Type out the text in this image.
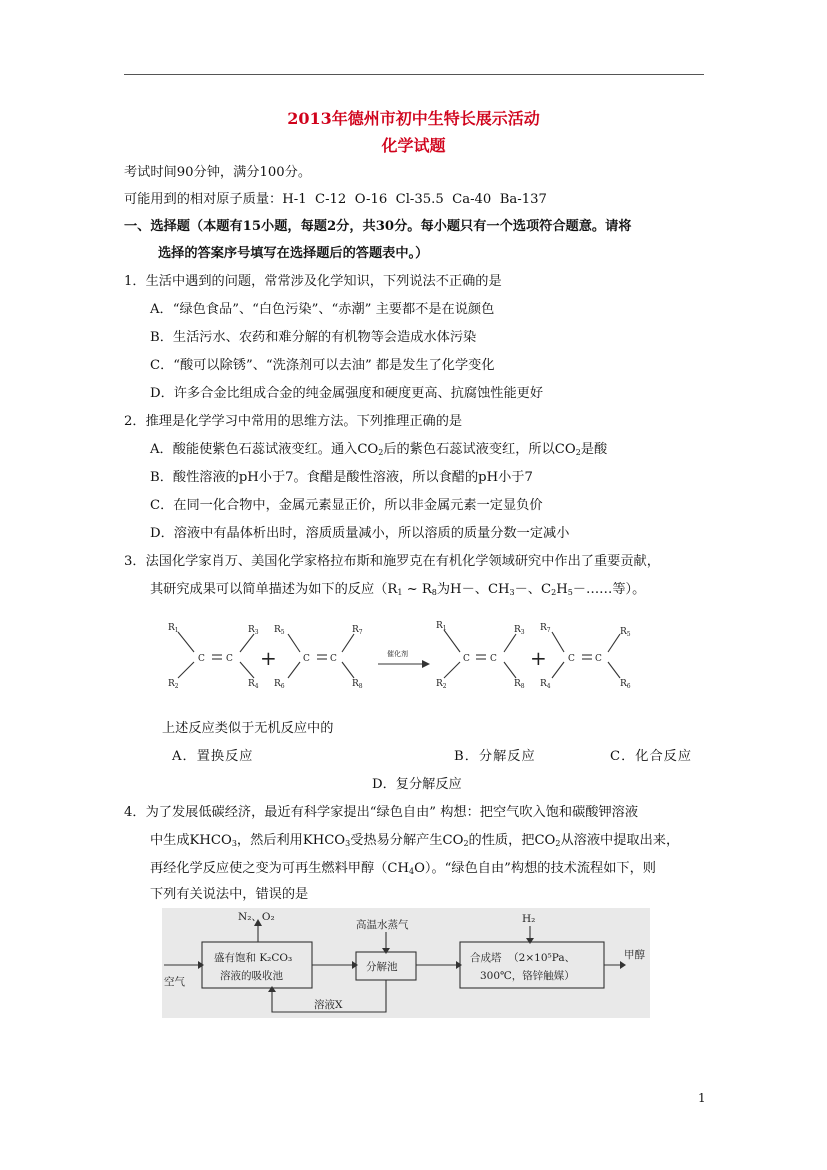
2013年德州市初中生特长展示活动
化学试题
考试时间90分钟，满分100分。
可能用到的相对原子质量：H-1  C-12  O-16  Cl-35.5  Ca-40  Ba-137
一、选择题（本题有15小题，每题2分，共30分。每小题只有一个选项符合题意。请将
选择的答案序号填写在选择题后的答题表中。）
1．生活中遇到的问题，常常涉及化学知识，下列说法不正确的是
A．“绿色食品”、“白色污染”、“赤潮” 主要都不是在说颜色
B．生活污水、农药和难分解的有机物等会造成水体污染
C．“酸可以除锈”、“洗涤剂可以去油” 都是发生了化学变化
D．许多合金比组成合金的纯金属强度和硬度更高、抗腐蚀性能更好
2．推理是化学学习中常用的思维方法。下列推理正确的是
A．酸能使紫色石蕊试液变红。通入$CO_2$后的紫色石蕊试液变红，所以$CO_2$是酸
B．酸性溶液的pH小于7。食醋是酸性溶液，所以食醋的pH小于7
C．在同一化合物中，金属元素显正价，所以非金属元素一定显负价
D．溶液中有晶体析出时，溶质质量减小，所以溶质的质量分数一定减小
3．法国化学家肖万、美国化学家格拉布斯和施罗克在有机化学领域研究中作出了重要贡献，
其研究成果可以简单描述为如下的反应（$R_1$ ~ $R_8$为H－、$CH_3-$、$C_2H_5-\dots\dots$等）。
$R_1$
$R_2$
C C
$R_3$
$R_4$
$R_5$
$R_6$
C C
$R_7$
$R_8$
$R_1$
$R_2$
C C
$R_3$
$R_8$
$R_7$
$R_4$
C C
$R_5$
$R_6$
+	+
催化剂
上述反应类似于无机反应中的
A．置换反应	B．分解反应	C．化合反应
D．复分解反应
4．为了发展低碳经济，最近有科学家提出“绿色自由” 构想：把空气吹入饱和碳酸钾溶液
中生成$KHCO_3$，然后利用$KHCO_3$受热易分解产生$CO_2$的性质，把$CO_2$从溶液中提取出来，
再经化学反应使之变为可再生燃料甲醇$(CH_4O)$。“绿色自由”构想的技术流程如下，则
下列有关说法中，错误的是
空气
N₂、O₂
盛有饱和 K₂CO₃
溶液的吸收池
高温水蒸气
分解池
H₂
合成塔  （2×10⁵Pa、
300℃，铬锌触媒）
甲醇
溶液X
1
